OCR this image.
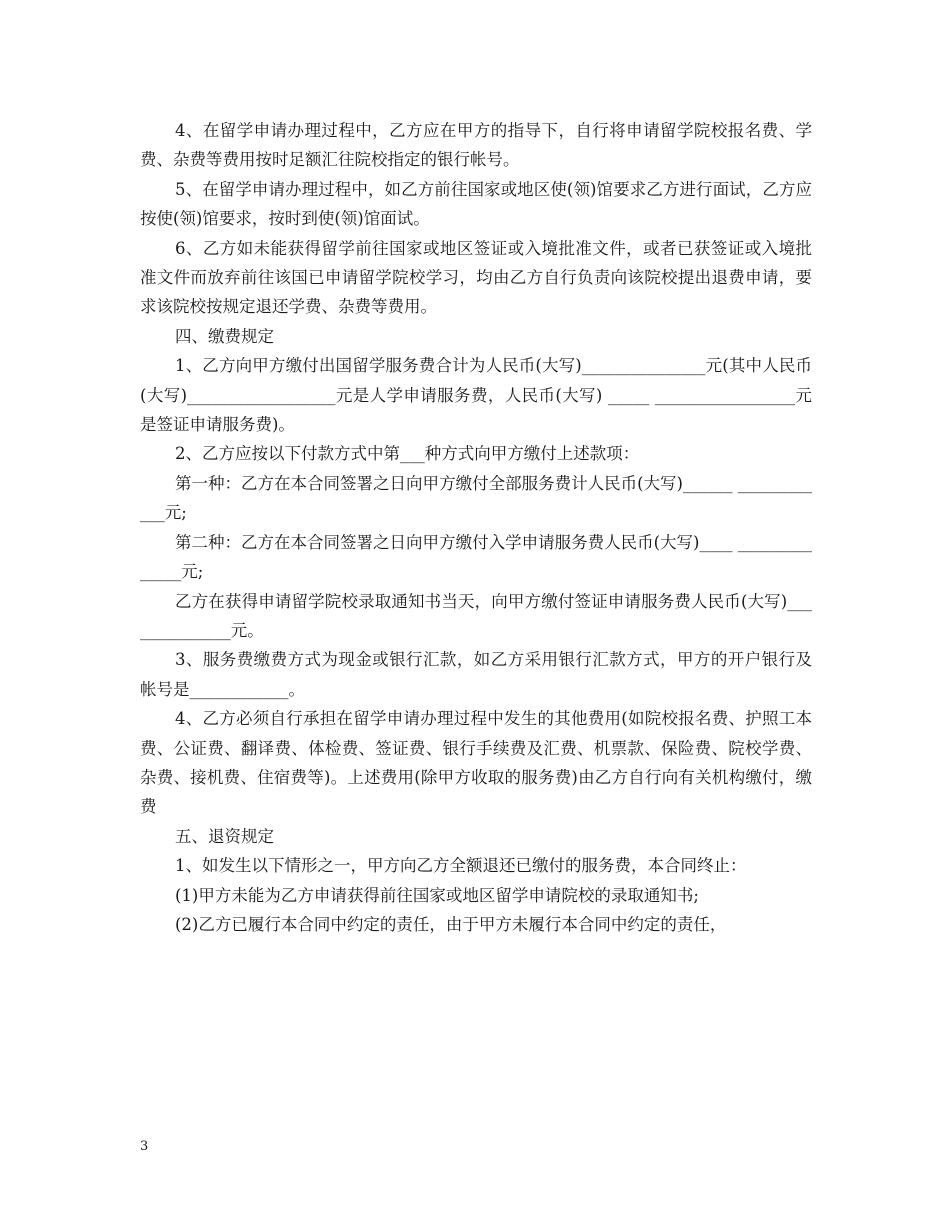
4、在留学申请办理过程中，乙方应在甲方的指导下，自行将申请留学院校报名费、学费、杂费等费用按时足额汇往院校指定的银行帐号。

5、在留学申请办理过程中，如乙方前往国家或地区使(领)馆要求乙方进行面试，乙方应按使(领)馆要求，按时到使(领)馆面试。

6、乙方如未能获得留学前往国家或地区签证或入境批准文件，或者已获签证或入境批准文件而放弃前往该国已申请留学院校学习，均由乙方自行负责向该院校提出退费申请，要求该院校按规定退还学费、杂费等费用。

四、缴费规定

1、乙方向甲方缴付出国留学服务费合计为人民币(大写)_______________元(其中人民币(大写)__________________元是人学申请服务费，人民币(大写) _____ _________________元是签证申请服务费)。

2、乙方应按以下付款方式中第___种方式向甲方缴付上述款项：

第一种：乙方在本合同签署之日向甲方缴付全部服务费计人民币(大写)______ ____________元;

第二种：乙方在本合同签署之日向甲方缴付入学申请服务费人民币(大写)____ ______________元;

乙方在获得申请留学院校录取通知书当天，向甲方缴付签证申请服务费人民币(大写)______________元。

3、服务费缴费方式为现金或银行汇款，如乙方采用银行汇款方式，甲方的开户银行及帐号是____________。

4、乙方必须自行承担在留学申请办理过程中发生的其他费用(如院校报名费、护照工本费、公证费、翻译费、体检费、签证费、银行手续费及汇费、机票款、保险费、院校学费、杂费、接机费、住宿费等)。上述费用(除甲方收取的服务费)由乙方自行向有关机构缴付，缴费

五、退资规定

1、如发生以下情形之一，甲方向乙方全额退还已缴付的服务费，本合同终止：

(1)甲方未能为乙方申请获得前往国家或地区留学申请院校的录取通知书;

(2)乙方已履行本合同中约定的责任，由于甲方未履行本合同中约定的责任，

3
